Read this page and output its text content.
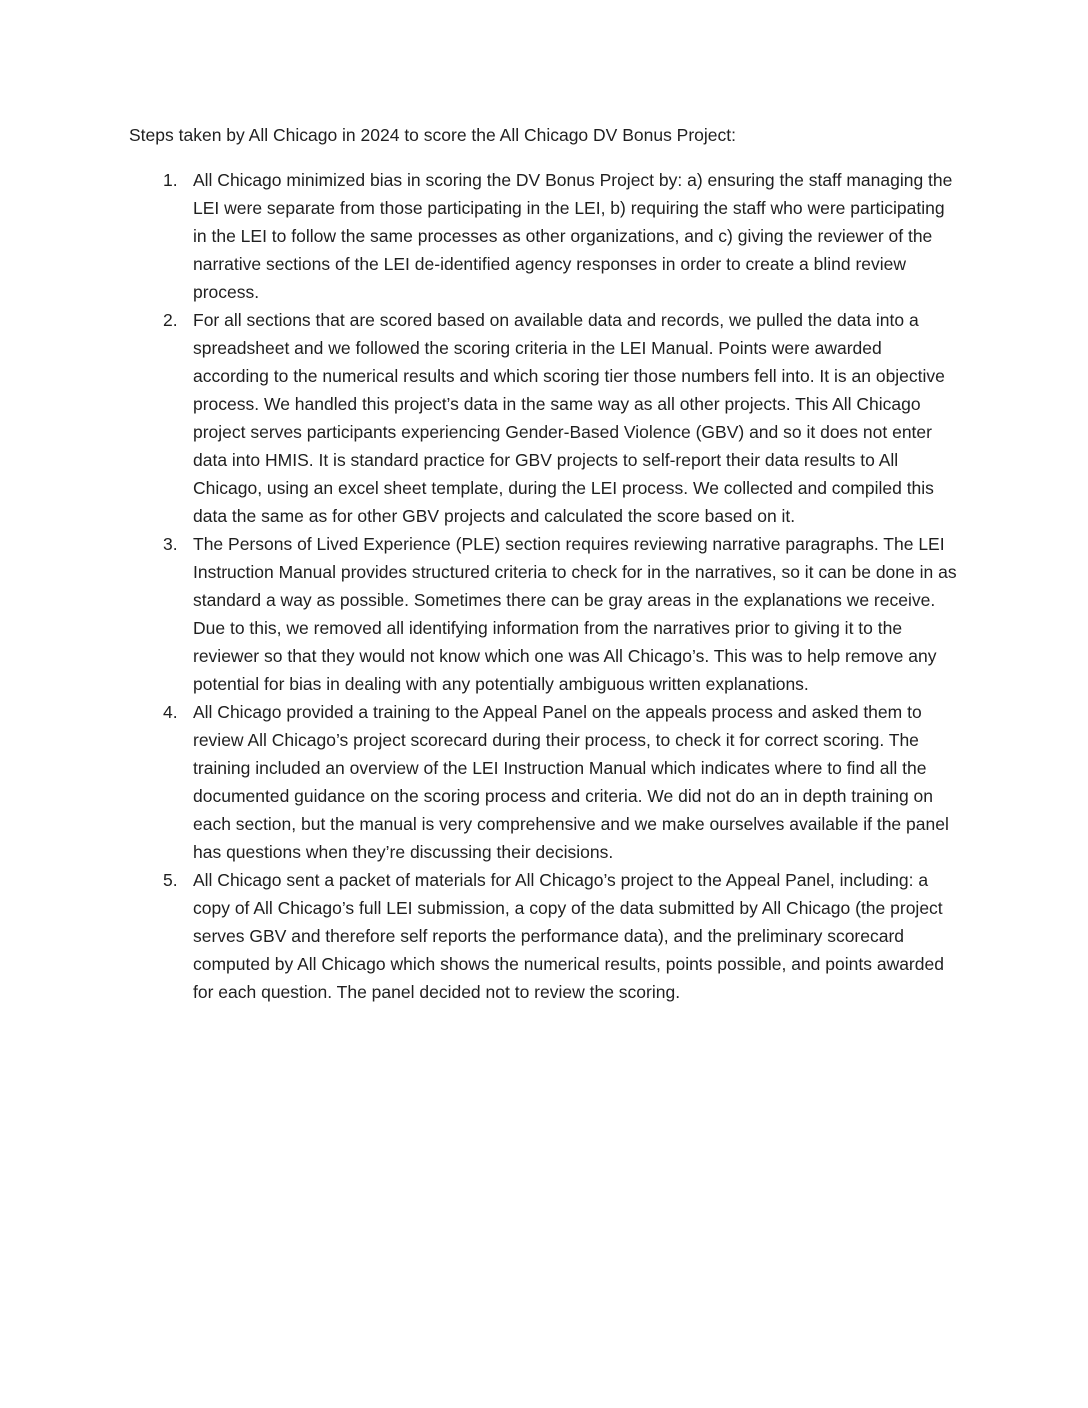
Steps taken by All Chicago in 2024 to score the All Chicago DV Bonus Project:

1. All Chicago minimized bias in scoring the DV Bonus Project by: a) ensuring the staff managing the LEI were separate from those participating in the LEI, b) requiring the staff who were participating in the LEI to follow the same processes as other organizations, and c) giving the reviewer of the narrative sections of the LEI de-identified agency responses in order to create a blind review process.
2. For all sections that are scored based on available data and records, we pulled the data into a spreadsheet and we followed the scoring criteria in the LEI Manual. Points were awarded according to the numerical results and which scoring tier those numbers fell into. It is an objective process. We handled this project’s data in the same way as all other projects. This All Chicago project serves participants experiencing Gender-Based Violence (GBV) and so it does not enter data into HMIS. It is standard practice for GBV projects to self-report their data results to All Chicago, using an excel sheet template, during the LEI process. We collected and compiled this data the same as for other GBV projects and calculated the score based on it.
3. The Persons of Lived Experience (PLE) section requires reviewing narrative paragraphs. The LEI Instruction Manual provides structured criteria to check for in the narratives, so it can be done in as standard a way as possible. Sometimes there can be gray areas in the explanations we receive. Due to this, we removed all identifying information from the narratives prior to giving it to the reviewer so that they would not know which one was All Chicago’s. This was to help remove any potential for bias in dealing with any potentially ambiguous written explanations.
4. All Chicago provided a training to the Appeal Panel on the appeals process and asked them to review All Chicago’s project scorecard during their process, to check it for correct scoring. The training included an overview of the LEI Instruction Manual which indicates where to find all the documented guidance on the scoring process and criteria. We did not do an in depth training on each section, but the manual is very comprehensive and we make ourselves available if the panel has questions when they’re discussing their decisions.
5. All Chicago sent a packet of materials for All Chicago’s project to the Appeal Panel, including: a copy of All Chicago’s full LEI submission, a copy of the data submitted by All Chicago (the project serves GBV and therefore self reports the performance data), and the preliminary scorecard computed by All Chicago which shows the numerical results, points possible, and points awarded for each question. The panel decided not to review the scoring.
